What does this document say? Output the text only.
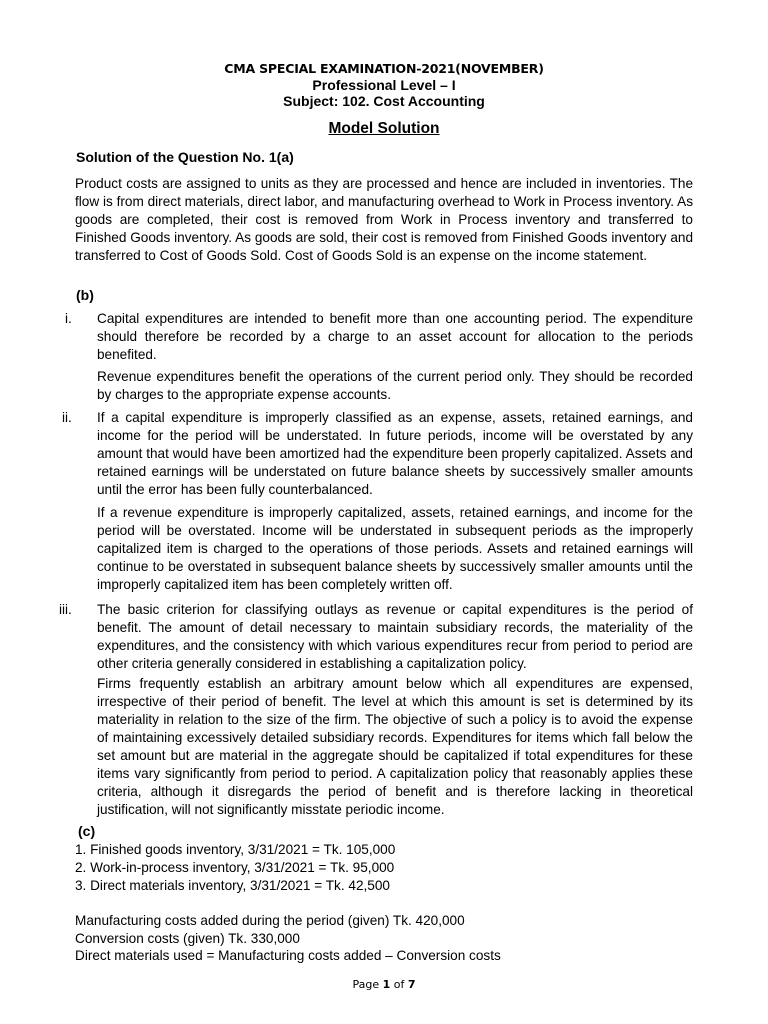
CMA SPECIAL EXAMINATION-2021(NOVEMBER)
Professional Level – I
Subject: 102. Cost Accounting
Model Solution
Solution of the Question No. 1(a)
Product costs are assigned to units as they are processed and hence are included in inventories. The flow is from direct materials, direct labor, and manufacturing overhead to Work in Process inventory. As goods are completed, their cost is removed from Work in Process inventory and transferred to Finished Goods inventory. As goods are sold, their cost is removed from Finished Goods inventory and transferred to Cost of Goods Sold. Cost of Goods Sold is an expense on the income statement.
(b)
i. Capital expenditures are intended to benefit more than one accounting period. The expenditure should therefore be recorded by a charge to an asset account for allocation to the periods benefited.
Revenue expenditures benefit the operations of the current period only. They should be recorded by charges to the appropriate expense accounts.
ii. If a capital expenditure is improperly classified as an expense, assets, retained earnings, and income for the period will be understated. In future periods, income will be overstated by any amount that would have been amortized had the expenditure been properly capitalized. Assets and retained earnings will be understated on future balance sheets by successively smaller amounts until the error has been fully counterbalanced.
If a revenue expenditure is improperly capitalized, assets, retained earnings, and income for the period will be overstated. Income will be understated in subsequent periods as the improperly capitalized item is charged to the operations of those periods. Assets and retained earnings will continue to be overstated in subsequent balance sheets by successively smaller amounts until the improperly capitalized item has been completely written off.
iii. The basic criterion for classifying outlays as revenue or capital expenditures is the period of benefit. The amount of detail necessary to maintain subsidiary records, the materiality of the expenditures, and the consistency with which various expenditures recur from period to period are other criteria generally considered in establishing a capitalization policy.
Firms frequently establish an arbitrary amount below which all expenditures are expensed, irrespective of their period of benefit. The level at which this amount is set is determined by its materiality in relation to the size of the firm. The objective of such a policy is to avoid the expense of maintaining excessively detailed subsidiary records. Expenditures for items which fall below the set amount but are material in the aggregate should be capitalized if total expenditures for these items vary significantly from period to period. A capitalization policy that reasonably applies these criteria, although it disregards the period of benefit and is therefore lacking in theoretical justification, will not significantly misstate periodic income.
(c)
1. Finished goods inventory, 3/31/2021 = Tk. 105,000
2. Work-in-process inventory, 3/31/2021 = Tk. 95,000
3. Direct materials inventory, 3/31/2021 = Tk. 42,500
Manufacturing costs added during the period (given) Tk. 420,000
Conversion costs (given) Tk. 330,000
Direct materials used = Manufacturing costs added – Conversion costs
Page 1 of 7
